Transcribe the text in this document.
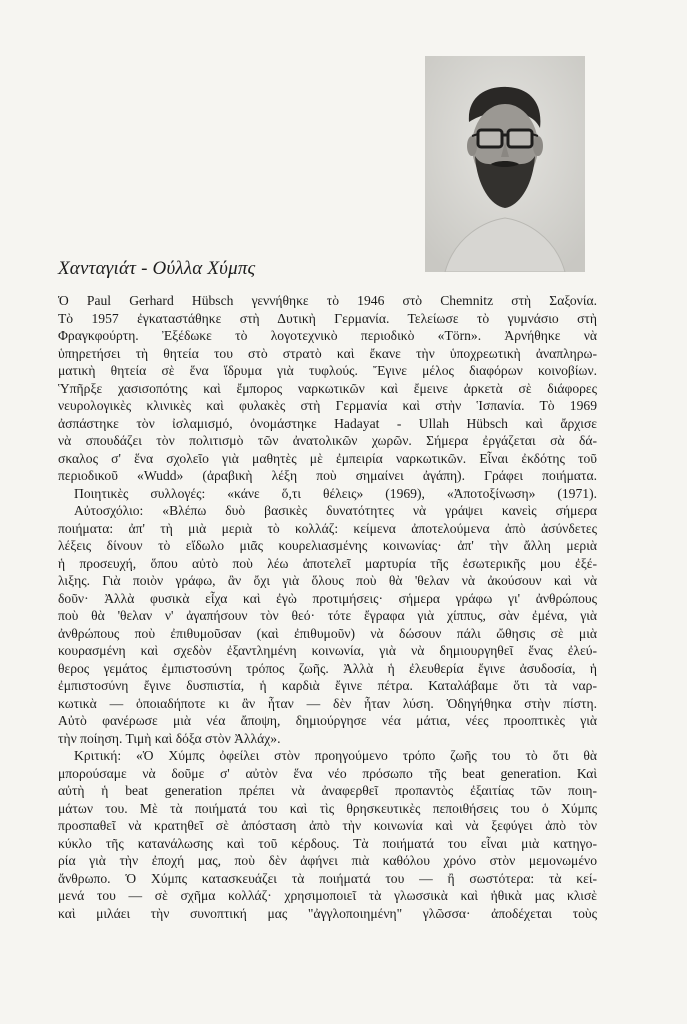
Χανταγιάτ - Ούλλα Χύμπς
Ὁ Paul Gerhard Hübsch γεννήθηκε τὸ 1946 στὸ Chemnitz στὴ Σαξονία.
Τὸ 1957 ἐγκαταστάθηκε στὴ Δυτικὴ Γερμανία. Τελείωσε τὸ γυμνάσιο στὴ
Φραγκφούρτη. Ἐξέδωκε τὸ λογοτεχνικὸ περιοδικὸ «Törn». Ἀρνήθηκε νὰ
ὑπηρετήσει τὴ θητεία του στὸ στρατὸ καὶ ἔκανε τὴν ὑποχρεωτικὴ ἀναπληρω-
ματικὴ θητεία σὲ ἕνα ἵδρυμα γιὰ τυφλούς. Ἔγινε μέλος διαφόρων κοινοβίων.
Ὑπῆρξε χασισοπότης καὶ ἔμπορος ναρκωτικῶν καὶ ἔμεινε ἀρκετὰ σὲ διάφορες
νευρολογικὲς κλινικὲς καὶ φυλακὲς στὴ Γερμανία καὶ στὴν Ἱσπανία. Τὸ 1969
ἀσπάστηκε τὸν ἰσλαμισμό, ὀνομάστηκε Hadayat - Ullah Hübsch καὶ ἄρχισε
νὰ σπουδάζει τὸν πολιτισμὸ τῶν ἀνατολικῶν χωρῶν. Σήμερα ἐργάζεται σὰ δά-
σκαλος σ' ἕνα σχολεῖο γιὰ μαθητὲς μὲ ἐμπειρία ναρκωτικῶν. Εἶναι ἐκδότης τοῦ
περιοδικοῦ «Wudd» (ἀραβικὴ λέξη ποὺ σημαίνει ἀγάπη). Γράφει ποιήματα.
Ποιητικὲς συλλογές: «κάνε ὅ,τι θέλεις» (1969), «Ἀποτοξίνωση» (1971).
Αὐτοσχόλιο: «Βλέπω δυὸ βασικὲς δυνατότητες νὰ γράψει κανεὶς σήμερα
ποιήματα: ἀπ' τὴ μιὰ μεριὰ τὸ κολλάζ: κείμενα ἀποτελούμενα ἀπὸ ἀσύνδετες
λέξεις δίνουν τὸ εἴδωλο μιᾶς κουρελιασμένης κοινωνίας· ἀπ' τὴν ἄλλη μεριὰ
ἡ προσευχή, ὅπου αὐτὸ ποὺ λέω ἀποτελεῖ μαρτυρία τῆς ἐσωτερικῆς μου ἐξέ-
λιξης. Γιὰ ποιὸν γράφω, ἂν ὄχι γιὰ ὅλους ποὺ θὰ 'θελαν νὰ ἀκούσουν καὶ νὰ
δοῦν· Ἀλλὰ φυσικὰ εἶχα καὶ ἐγὼ προτιμήσεις· σήμερα γράφω γι' ἀνθρώπους
ποὺ θὰ 'θελαν ν' ἀγαπήσουν τὸν θεό· τότε ἔγραφα γιὰ χίππυς, σὰν ἐμένα, γιὰ
ἀνθρώπους ποὺ ἐπιθυμοῦσαν (καὶ ἐπιθυμοῦν) νὰ δώσουν πάλι ὤθησις σὲ μιὰ
κουρασμένη καὶ σχεδὸν ἐξαντλημένη κοινωνία, γιὰ νὰ δημιουργηθεῖ ἕνας ἐλεύ-
θερος γεμάτος ἐμπιστοσύνη τρόπος ζωῆς. Ἀλλὰ ἡ ἐλευθερία ἔγινε ἀσυδοσία, ἡ
ἐμπιστοσύνη ἔγινε δυσπιστία, ἡ καρδιὰ ἔγινε πέτρα. Καταλάβαμε ὅτι τὰ ναρ-
κωτικὰ — ὁποιαδήποτε κι ἂν ἦταν — δὲν ἦταν λύση. Ὁδηγήθηκα στὴν πίστη.
Αὐτὸ φανέρωσε μιὰ νέα ἄποψη, δημιούργησε νέα μάτια, νέες προοπτικὲς γιὰ
τὴν ποίηση. Τιμὴ καὶ δόξα στὸν Ἀλλάχ».
Κριτική: «Ὁ Χύμπς ὀφείλει στὸν προηγούμενο τρόπο ζωῆς του τὸ ὅτι θὰ
μπορούσαμε νὰ δοῦμε σ' αὐτὸν ἕνα νέο πρόσωπο τῆς beat generation. Καὶ
αὐτὴ ἡ beat generation πρέπει νὰ ἀναφερθεῖ προπαντὸς ἐξαιτίας τῶν ποιη-
μάτων του. Μὲ τὰ ποιήματά του καὶ τὶς θρησκευτικὲς πεποιθήσεις του ὁ Χύμπς
προσπαθεῖ νὰ κρατηθεῖ σὲ ἀπόσταση ἀπὸ τὴν κοινωνία καὶ νὰ ξεφύγει ἀπὸ τὸν
κύκλο τῆς κατανάλωσης καὶ τοῦ κέρδους. Τὰ ποιήματά του εἶναι μιὰ κατηγο-
ρία γιὰ τὴν ἐποχή μας, ποὺ δὲν ἀφήνει πιὰ καθόλου χρόνο στὸν μεμονωμένο
ἄνθρωπο. Ὁ Χύμπς κατασκευάζει τὰ ποιήματά του — ἢ σωστότερα: τὰ κεί-
μενά του — σὲ σχῆμα κολλάζ· χρησιμοποιεῖ τὰ γλωσσικὰ καὶ ἠθικὰ μας κλισὲ
καὶ μιλάει τὴν συνοπτική μας "ἀγγλοποιημένη" γλῶσσα· ἀποδέχεται τοὺς
